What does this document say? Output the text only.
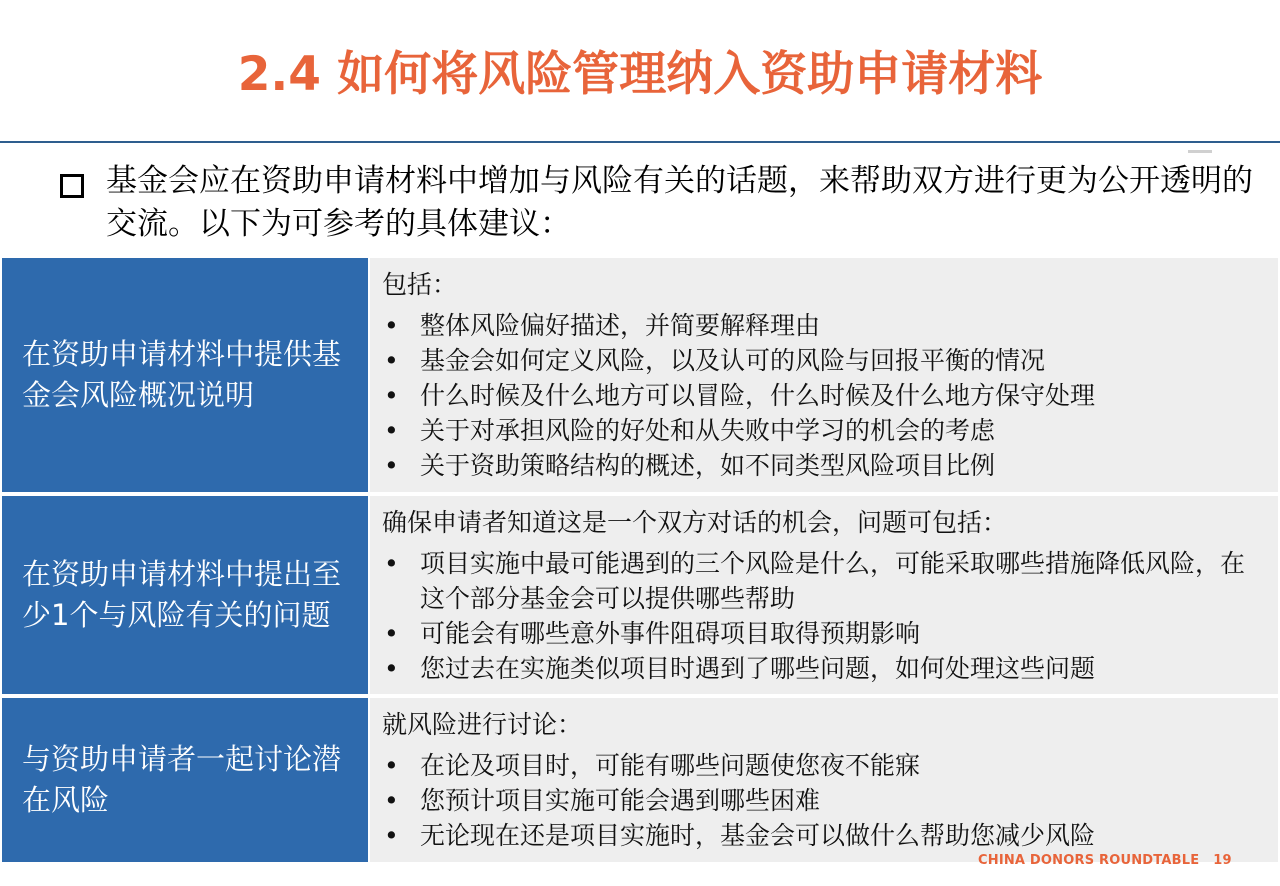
2.4 如何将风险管理纳入资助申请材料
基金会应在资助申请材料中增加与风险有关的话题，来帮助双方进行更为公开透明的交流。以下为可参考的具体建议：
在资助申请材料中提供基金会风险概况说明
包括：
• 整体风险偏好描述，并简要解释理由
• 基金会如何定义风险，以及认可的风险与回报平衡的情况
• 什么时候及什么地方可以冒险，什么时候及什么地方保守处理
• 关于对承担风险的好处和从失败中学习的机会的考虑
• 关于资助策略结构的概述，如不同类型风险项目比例
在资助申请材料中提出至少1个与风险有关的问题
确保申请者知道这是一个双方对话的机会，问题可包括：
• 项目实施中最可能遇到的三个风险是什么，可能采取哪些措施降低风险，在这个部分基金会可以提供哪些帮助
• 可能会有哪些意外事件阻碍项目取得预期影响
• 您过去在实施类似项目时遇到了哪些问题，如何处理这些问题
与资助申请者一起讨论潜在风险
就风险进行讨论：
• 在论及项目时，可能有哪些问题使您夜不能寐
• 您预计项目实施可能会遇到哪些困难
• 无论现在还是项目实施时，基金会可以做什么帮助您减少风险
CHINA DONORS ROUNDTABLE 19
